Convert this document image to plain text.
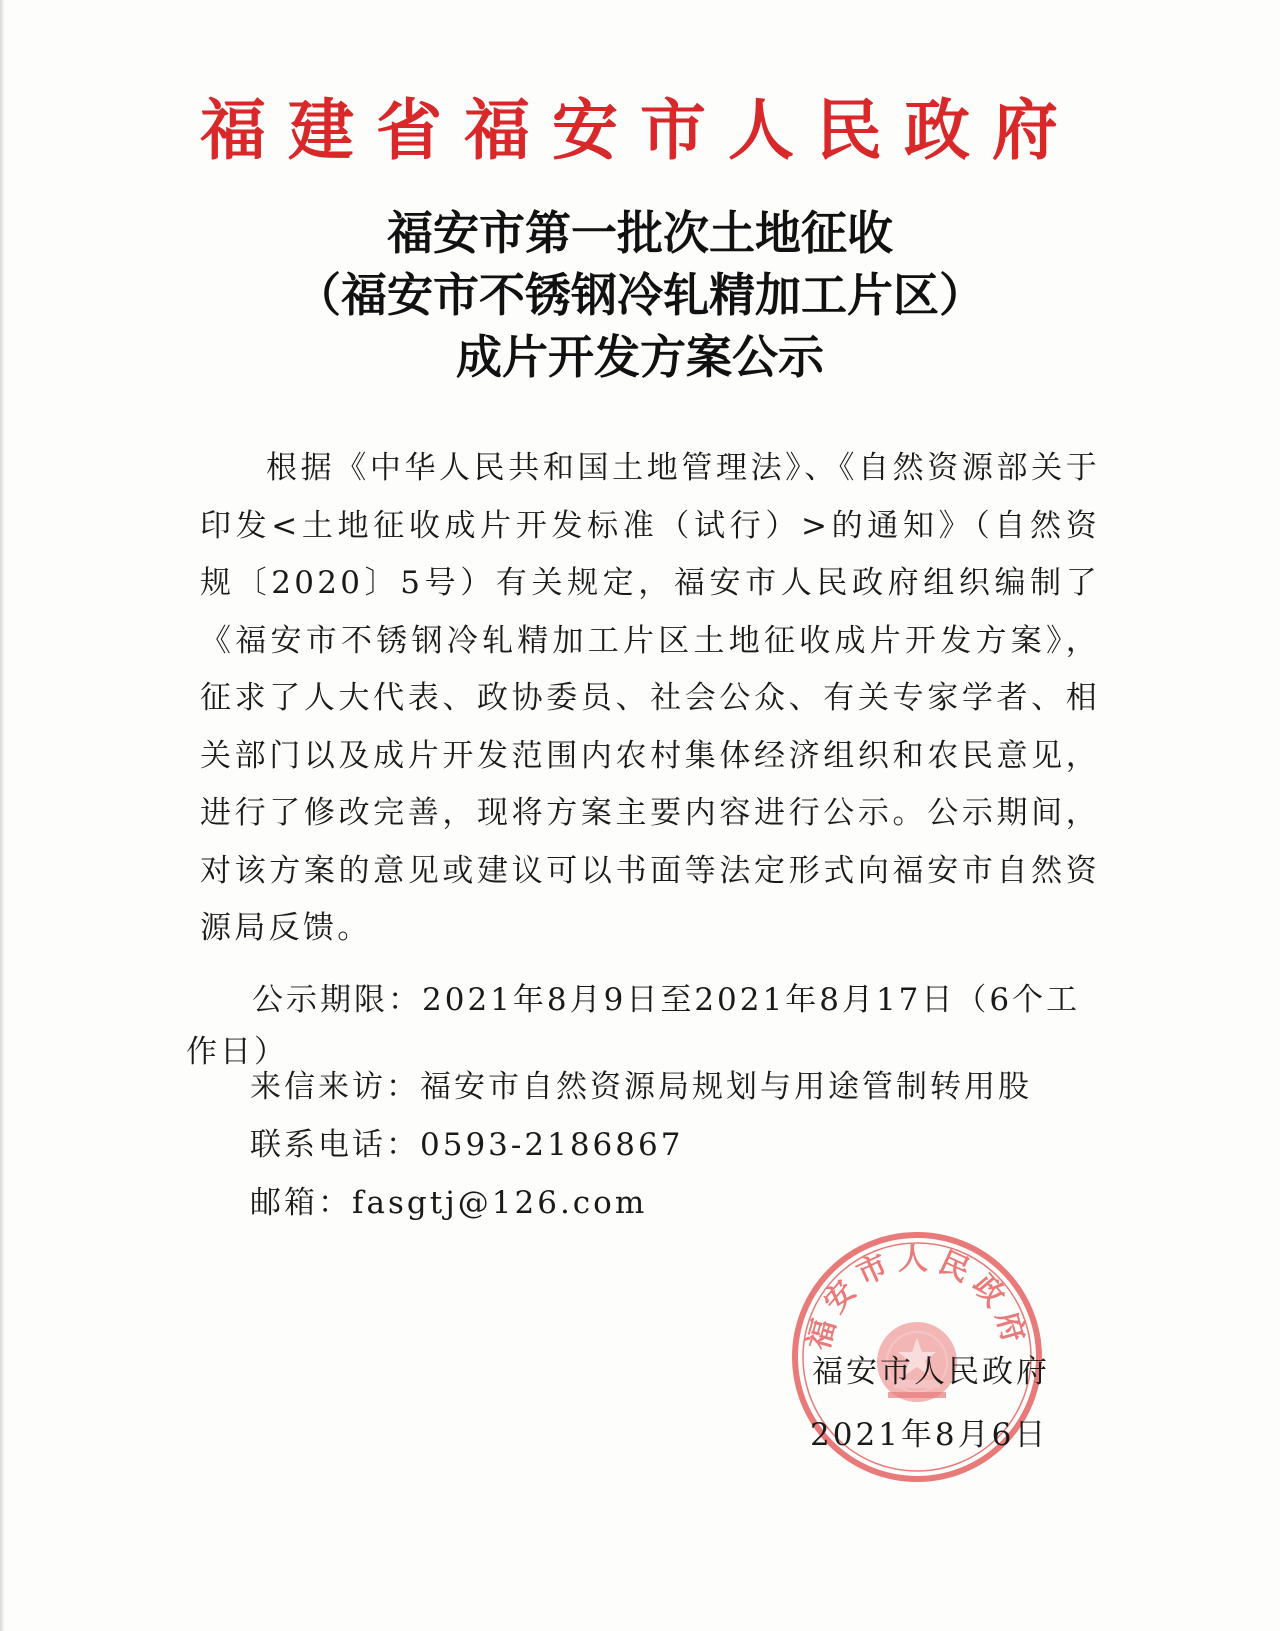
福建省福安市人民政府
福安市第一批次土地征收
（福安市不锈钢冷轧精加工片区）
成片开发方案公示

根据《中华人民共和国土地管理法》、《自然资源部关于印发<土地征收成片开发标准（试行）>的通知》（自然资规〔2020〕5号）有关规定，福安市人民政府组织编制了《福安市不锈钢冷轧精加工片区土地征收成片开发方案》，征求了人大代表、政协委员、社会公众、有关专家学者、相关部门以及成片开发范围内农村集体经济组织和农民意见，进行了修改完善，现将方案主要内容进行公示。公示期间，对该方案的意见或建议可以书面等法定形式向福安市自然资源局反馈。

公示期限：2021年8月9日至2021年8月17日（6个工作日）

来信来访：福安市自然资源局规划与用途管制转用股
联系电话：0593-2186867
邮箱：fasgtj@126.com
福安市人民政府
福安市人民政府
2021年8月6日
